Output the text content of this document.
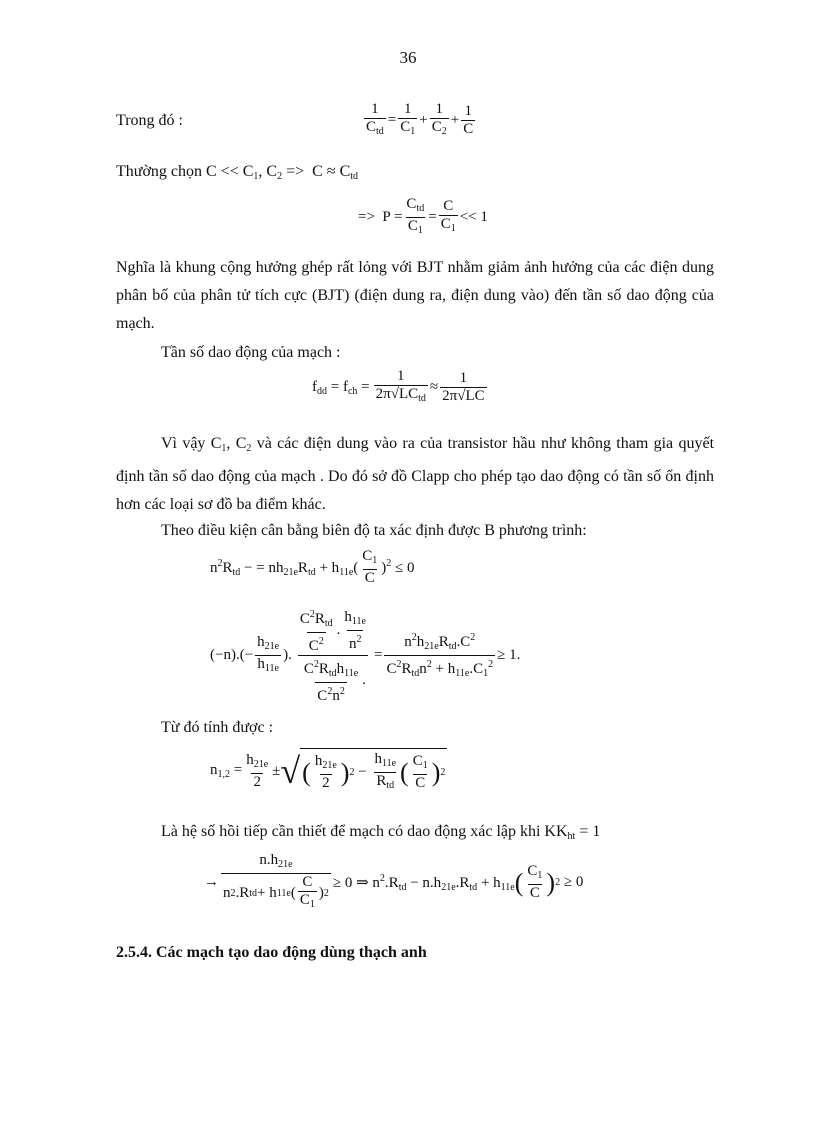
36
Trong đó :	$\frac{1}{C_{td}} = \frac{1}{C_1} + \frac{1}{C_2} + \frac{1}{C}$
Thường chọn $C << C_1$, $C_2 => C \approx C_{td}$
=>  $P = \frac{C_{td}}{C_1} = \frac{C}{C_1} << 1$
Nghĩa là khung cộng hưởng ghép rất lỏng với BJT nhằm giảm ảnh hưởng của các điện dung phân bố của phân tử tích cực (BJT) (điện dung ra, điện dung vào) đến tần số dao động của mạch.
Tần số dao động của mạch :
$f_{dd} = f_{ch} = \frac{1}{2\pi√LC_{td}} \approx \frac{1}{2\pi√LC}$
Vì vậy $C_1$, $C_2$ và các điện dung vào ra của transistor hầu như không tham gia quyết định tần số dao động của mạch . Do đó sở đồ Clapp cho phép tạo dao động có tần số ổn định hơn các loại sơ đồ ba điểm khác.
Theo điều kiện cân bằng biên độ ta xác định được B phương trình:
$n^2R_{td}$ − = $nh_{21e}R_{td} + h_{11e}( \frac{C_1}{C} )^2 \le 0$
$(-n).(- \frac{h_{21e}}{h_{11e}}$ ). $\frac{\frac{C^2R_{td}}{C^2} . \frac{h_{11e}}{n^2}}{\frac{C^2R_{td}h_{11e}}{C^2n^2} .} = \frac{n^2h_{21e}R_{td}.C^2}{C^2R_{td}n^2 + h_{11e}.C_1^2} \ge 1$.
Từ đó tính được :
$n_{1,2} = \frac{h_{21e}}{2}$ ± √ ( $\frac{h_{21e}}{2}$ ) $2 - \frac{h_{11e}}{R_{td}}$ ( $\frac{C_1}{C}$ ) 2
Là hệ số hồi tiếp cần thiết để mạch có dao động xác lập khi $KK_{ht} = 1$
→ $\frac{n.h_{21e}}{n 2 .R td + h 11e ( \frac{C}{C_1} ) 2} \ge 0$ ⇒ $n^2.R_{td} - n.h_{21e}.R_{td} + h_{11e}$ ( $\frac{C_1}{C}$ ) 2 ≥ 0
2.5.4. Các mạch tạo dao động dùng thạch anh
